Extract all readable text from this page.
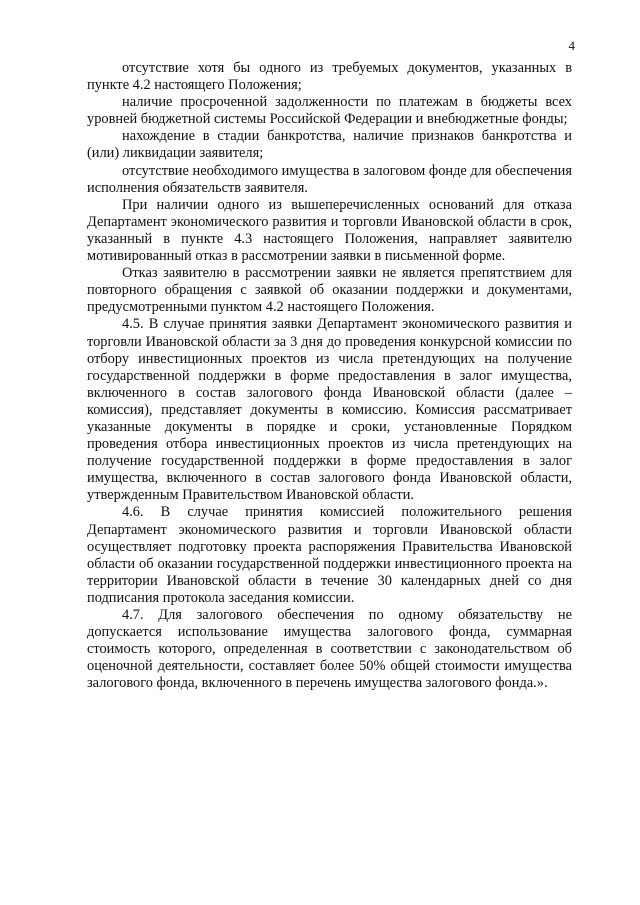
4

отсутствие хотя бы одного из требуемых документов, указанных в пункте 4.2 настоящего Положения;

наличие просроченной задолженности по платежам в бюджеты всех уровней бюджетной системы Российской Федерации и внебюджетные фонды;

нахождение в стадии банкротства, наличие признаков банкротства и (или) ликвидации заявителя;

отсутствие необходимого имущества в залоговом фонде для обеспечения исполнения обязательств заявителя.

При наличии одного из вышеперечисленных оснований для отказа Департамент экономического развития и торговли Ивановской области в срок, указанный в пункте 4.3 настоящего Положения, направляет заявителю мотивированный отказ в рассмотрении заявки в письменной форме.

Отказ заявителю в рассмотрении заявки не является препятствием для повторного обращения с заявкой об оказании поддержки и документами, предусмотренными пунктом 4.2 настоящего Положения.

4.5. В случае принятия заявки Департамент экономического развития и торговли Ивановской области за 3 дня до проведения конкурсной комиссии по отбору инвестиционных проектов из числа претендующих на получение государственной поддержки в форме предоставления в залог имущества, включенного в состав залогового фонда Ивановской области (далее – комиссия), представляет документы в комиссию. Комиссия рассматривает указанные документы в порядке и сроки, установленные Порядком проведения отбора инвестиционных проектов из числа претендующих на получение государственной поддержки в форме предоставления в залог имущества, включенного в состав залогового фонда Ивановской области, утвержденным Правительством Ивановской области.

4.6. В случае принятия комиссией положительного решения Департамент экономического развития и торговли Ивановской области осуществляет подготовку проекта распоряжения Правительства Ивановской области об оказании государственной поддержки инвестиционного проекта на территории Ивановской области в течение 30 календарных дней со дня подписания протокола заседания комиссии.

4.7. Для залогового обеспечения по одному обязательству не допускается использование имущества залогового фонда, суммарная стоимость которого, определенная в соответствии с законодательством об оценочной деятельности, составляет более 50% общей стоимости имущества залогового фонда, включенного в перечень имущества залогового фонда.».
